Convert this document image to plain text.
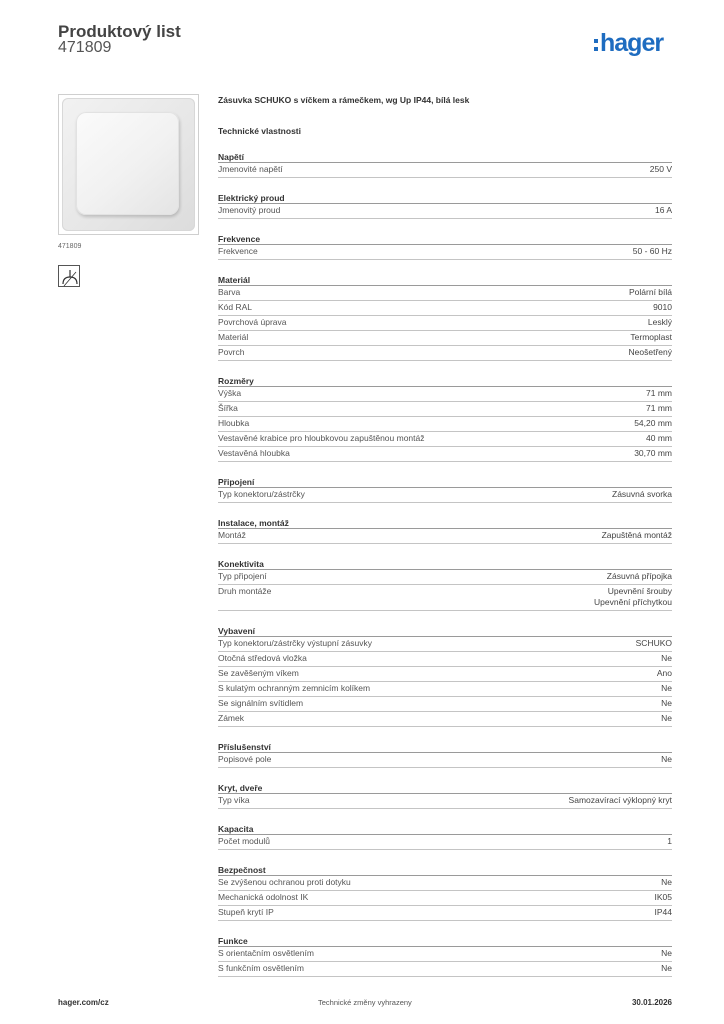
Produktový list
471809	hager
471809
Zásuvka SCHUKO s víčkem a rámečkem, wg Up IP44, bílá lesk
Technické vlastnosti
Napětí
Jmenovité napětí	250 V
Elektrický proud
Jmenovitý proud	16 A
Frekvence
Frekvence	50 - 60 Hz
Materiál
Barva	Polární bílá
Kód RAL	9010
Povrchová úprava	Lesklý
Materiál	Termoplast
Povrch	Neošetřený
Rozměry
Výška	71 mm
Šířka	71 mm
Hloubka	54,20 mm
Vestavěné krabice pro hloubkovou zapuštěnou montáž	40 mm
Vestavěná hloubka	30,70 mm
Připojení
Typ konektoru/zástrčky	Zásuvná svorka
Instalace, montáž
Montáž	Zapuštěná montáž
Konektivita
Typ připojení	Zásuvná přípojka
Druh montáže	Upevnění šrouby
Upevnění příchytkou
Vybavení
Typ konektoru/zástrčky výstupní zásuvky	SCHUKO
Otočná středová vložka	Ne
Se zavěšeným víkem	Ano
S kulatým ochranným zemnicím kolíkem	Ne
Se signálním svítidlem	Ne
Zámek	Ne
Příslušenství
Popisové pole	Ne
Kryt, dveře
Typ víka	Samozavírací výklopný kryt
Kapacita
Počet modulů	1
Bezpečnost
Se zvýšenou ochranou proti dotyku	Ne
Mechanická odolnost IK	IK05
Stupeň krytí IP	IP44
Funkce
S orientačním osvětlením	Ne
S funkčním osvětlením	Ne
hager.com/cz	Technické změny vyhrazeny	30.01.2026
